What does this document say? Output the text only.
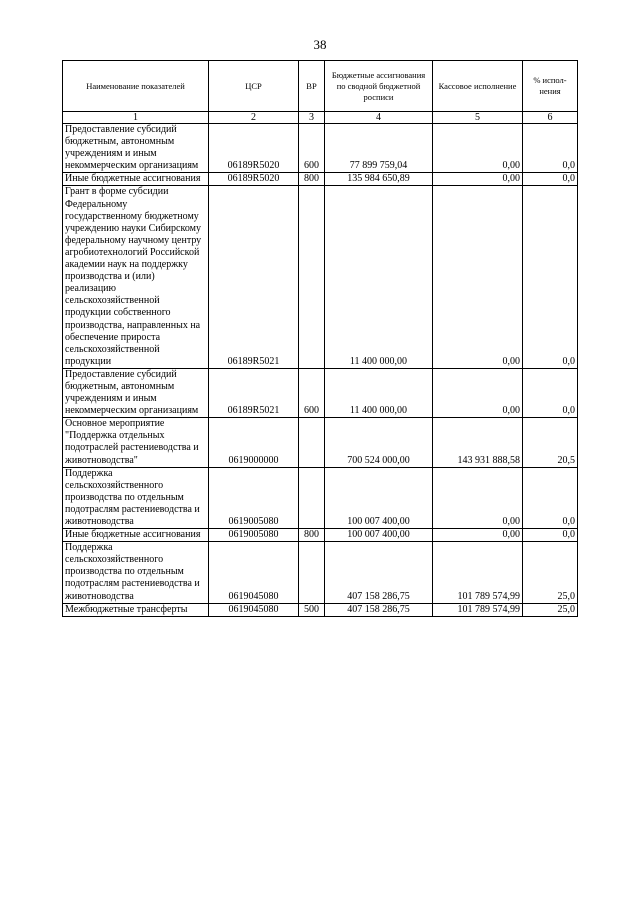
38
Наименование показателей	ЦСР	ВР	Бюджетные ассигнования по сводной бюджетной росписи	Кассовое исполнение	% испол-нения
1	2	3	4	5	6
Предоставление субсидий бюджетным, автономным учреждениям и иным некоммерческим организациям	06189R5020	600	77 899 759,04	0,00	0,0
Иные бюджетные ассигнования	06189R5020	800	135 984 650,89	0,00	0,0
Грант в форме субсидии Федеральному государственному бюджетному учреждению науки Сибирскому федеральному научному центру агробиотехнологий Российской академии наук на поддержку производства и (или) реализацию сельскохозяйственной продукции собственного производства, направленных на обеспечение прироста сельскохозяйственной продукции	06189R5021		11 400 000,00	0,00	0,0
Предоставление субсидий бюджетным, автономным учреждениям и иным некоммерческим организациям	06189R5021	600	11 400 000,00	0,00	0,0
Основное мероприятие "Поддержка отдельных подотраслей растениеводства и животноводства"	0619000000		700 524 000,00	143 931 888,58	20,5
Поддержка сельскохозяйственного производства по отдельным подотраслям растениеводства и животноводства	0619005080		100 007 400,00	0,00	0,0
Иные бюджетные ассигнования	0619005080	800	100 007 400,00	0,00	0,0
Поддержка сельскохозяйственного производства по отдельным подотраслям растениеводства и животноводства	0619045080		407 158 286,75	101 789 574,99	25,0
Межбюджетные трансферты	0619045080	500	407 158 286,75	101 789 574,99	25,0
